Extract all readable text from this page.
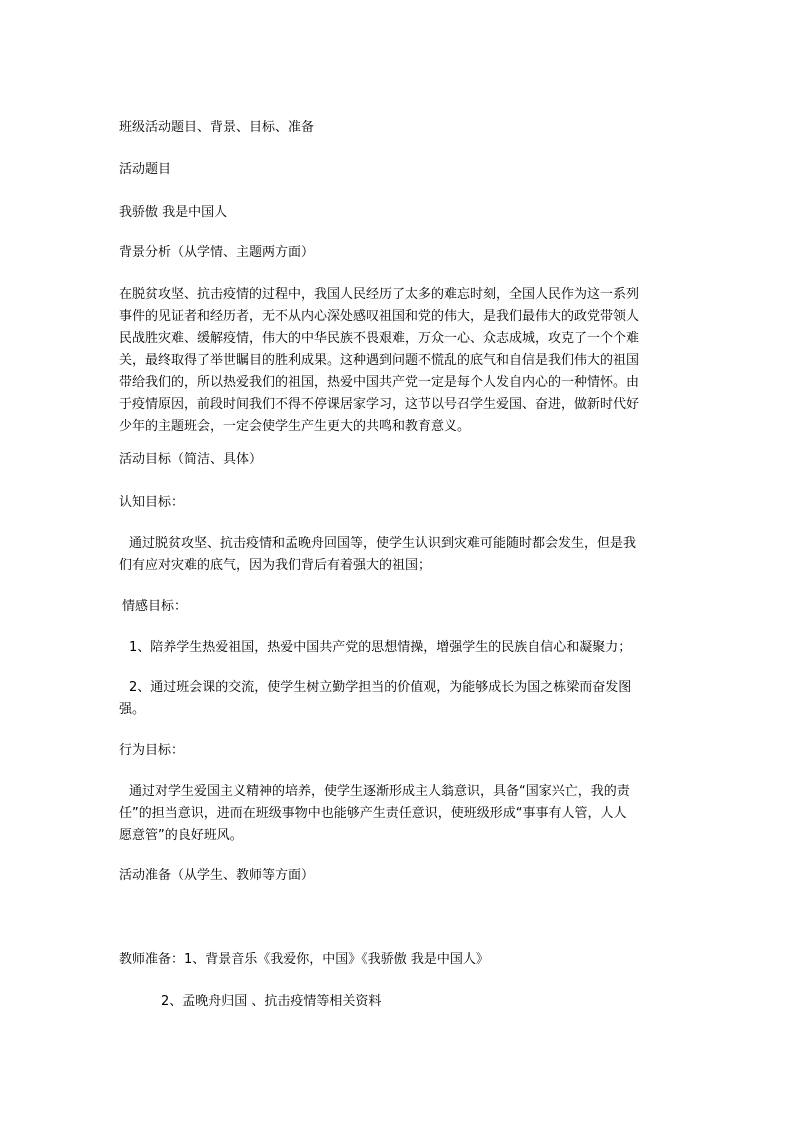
班级活动题目、背景、目标、准备
活动题目
我骄傲 我是中国人
背景分析（从学情、主题两方面）
在脱贫攻坚、抗击疫情的过程中，我国人民经历了太多的难忘时刻，全国人民作为这一系列
事件的见证者和经历者，无不从内心深处感叹祖国和党的伟大，是我们最伟大的政党带领人
民战胜灾难、缓解疫情，伟大的中华民族不畏艰难，万众一心、众志成城，攻克了一个个难
关，最终取得了举世瞩目的胜利成果。这种遇到问题不慌乱的底气和自信是我们伟大的祖国
带给我们的，所以热爱我们的祖国，热爱中国共产党一定是每个人发自内心的一种情怀。由
于疫情原因，前段时间我们不得不停课居家学习，这节以号召学生爱国、奋进，做新时代好
少年的主题班会，一定会使学生产生更大的共鸣和教育意义。
活动目标（简洁、具体）
认知目标：
通过脱贫攻坚、抗击疫情和孟晚舟回国等，使学生认识到灾难可能随时都会发生，但是我
们有应对灾难的底气，因为我们背后有着强大的祖国；
情感目标：
1、陪养学生热爱祖国，热爱中国共产党的思想情操，增强学生的民族自信心和凝聚力；
2、通过班会课的交流，使学生树立勤学担当的价值观，为能够成长为国之栋梁而奋发图
强。
行为目标：
通过对学生爱国主义精神的培养，使学生逐渐形成主人翁意识，具备“国家兴亡，我的责
任”的担当意识，进而在班级事物中也能够产生责任意识，使班级形成“事事有人管，人人
愿意管”的良好班风。
活动准备（从学生、教师等方面）
教师准备：1、背景音乐《我爱你，中国》《我骄傲 我是中国人》
2、孟晚舟归国 、抗击疫情等相关资料
